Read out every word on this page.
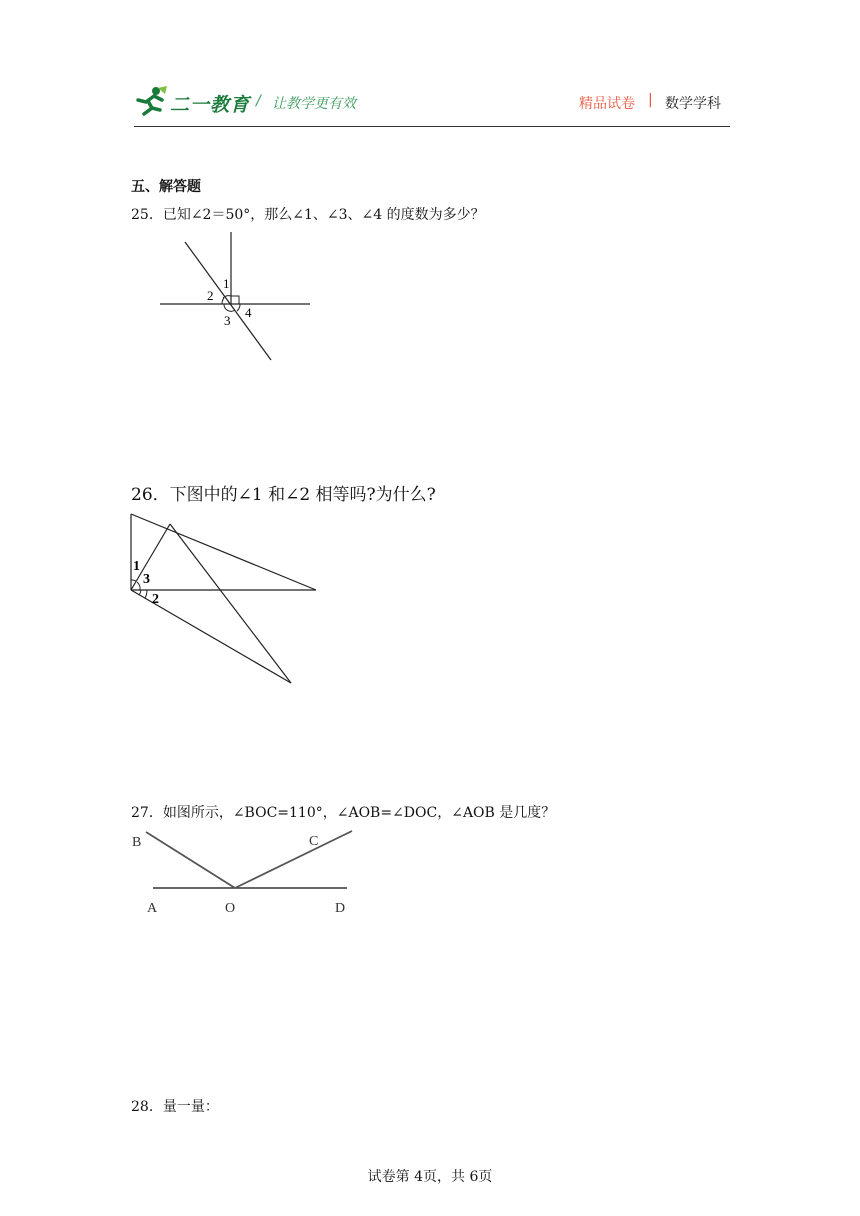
二一教育 / 让教学更有效	精品试卷 | 数学学科
五、解答题
25．已知∠2＝50°，那么∠1、∠3、∠4 的度数为多少？
1
2
3
4
26．下图中的∠1 和∠2 相等吗?为什么?
1
3
2
27．如图所示，∠BOC=110°，∠AOB=∠DOC，∠AOB 是几度？
B	C
A	O	D
28．量一量：
试卷第 4页，共 6页
